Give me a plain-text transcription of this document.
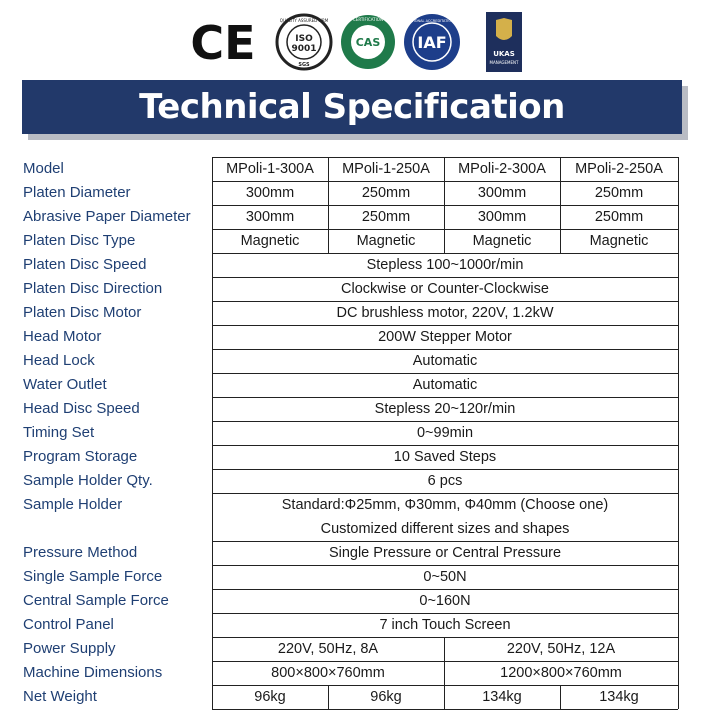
CE	QUALITY ASSURED FIRM
ISO
9001
SGS
CERTIFICATION
CAS
INTERNATIONAL ACCREDITATION FORUM
IAF
UKAS
MANAGEMENT
Technical Specification
Model	MPoli-1-300A	MPoli-1-250A	MPoli-2-300A	MPoli-2-250A
Platen Diameter	300mm	250mm	300mm	250mm
Abrasive Paper Diameter	300mm	250mm	300mm	250mm
Platen Disc Type	Magnetic	Magnetic	Magnetic	Magnetic
Platen Disc Speed	Stepless 100~1000r/min
Platen Disc Direction	Clockwise or Counter-Clockwise
Platen Disc Motor	DC brushless motor, 220V, 1.2kW
Head Motor	200W Stepper Motor
Head Lock	Automatic
Water Outlet	Automatic
Head Disc Speed	Stepless 20~120r/min
Timing Set	0~99min
Program Storage	10 Saved Steps
Sample Holder Qty.	6 pcs
Sample Holder	Standard:Φ25mm, Φ30mm, Φ40mm (Choose one)
Customized different sizes and shapes
Pressure Method	Single Pressure or Central Pressure
Single Sample Force	0~50N
Central Sample Force	0~160N
Control Panel	7 inch Touch Screen
Power Supply	220V, 50Hz, 8A	220V, 50Hz, 12A
Machine Dimensions	800×800×760mm	1200×800×760mm
Net Weight	96kg	96kg	134kg	134kg
